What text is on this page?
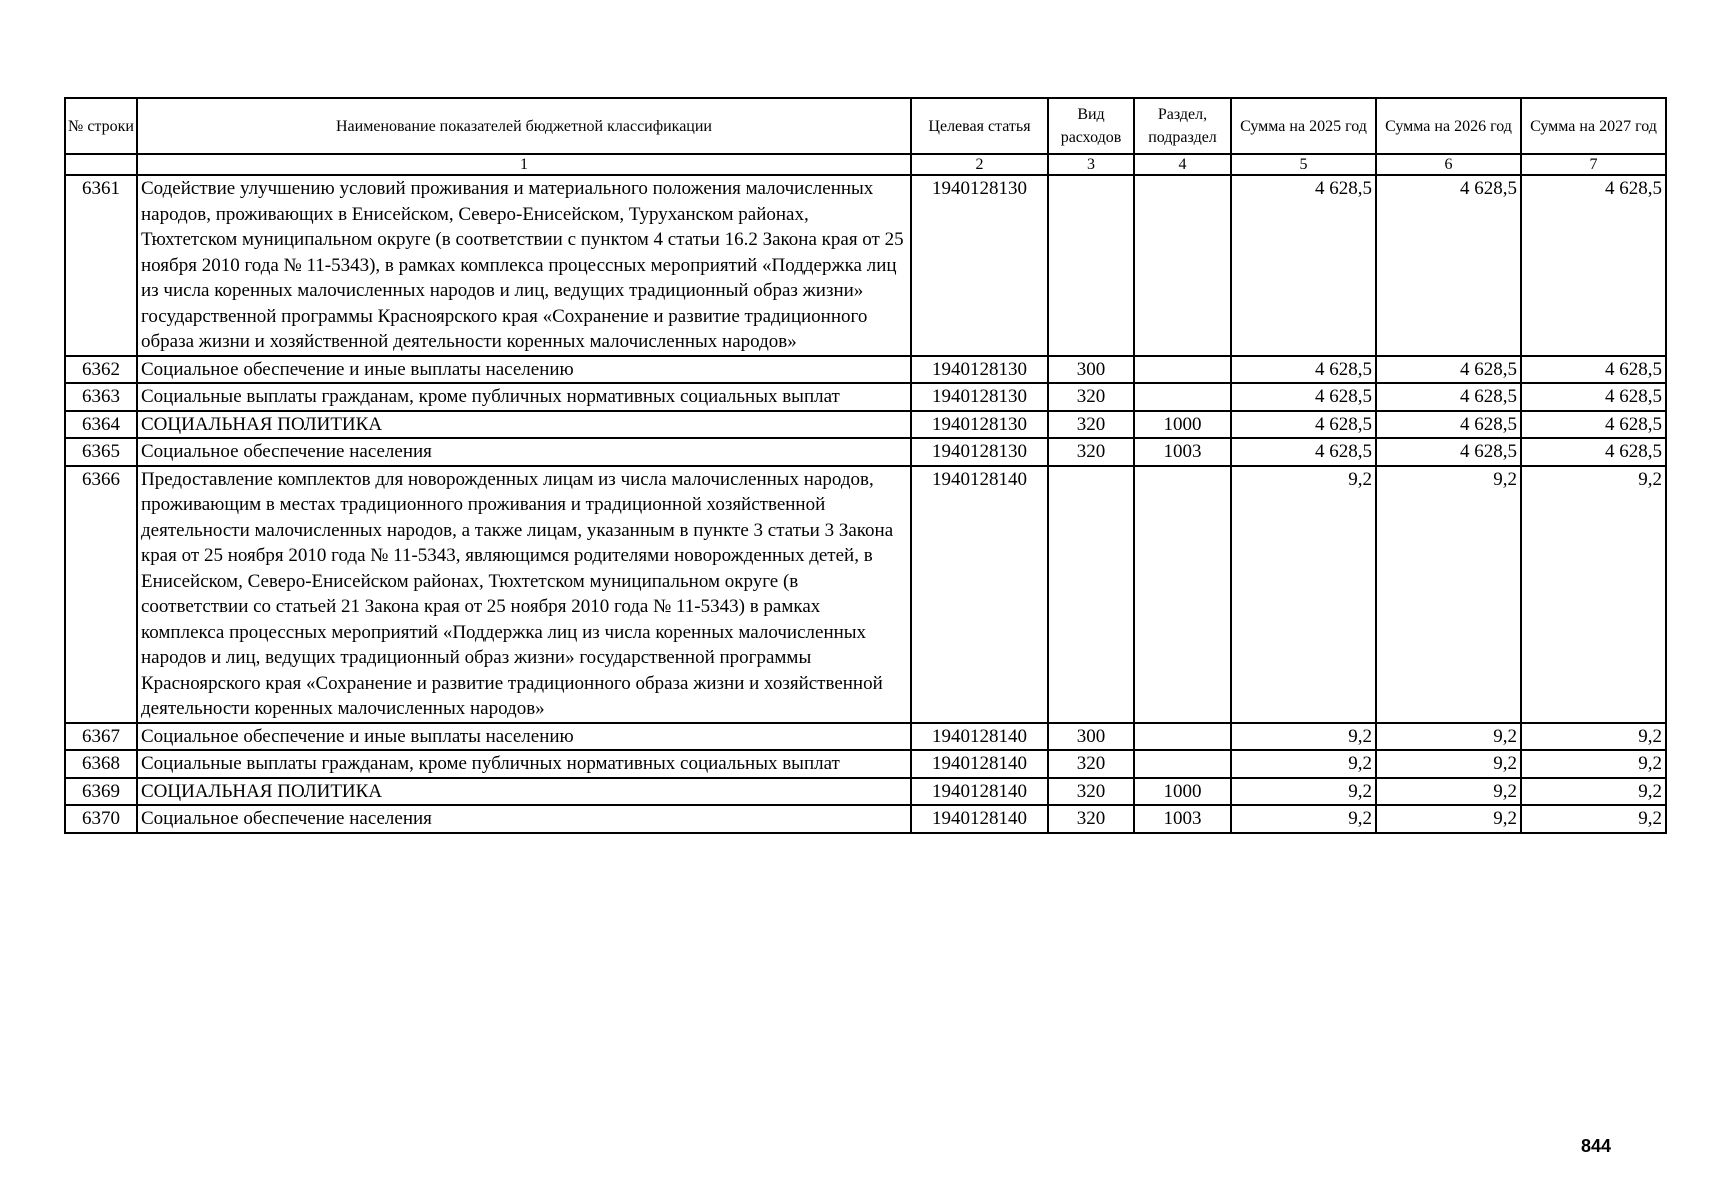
№ строки	Наименование показателей бюджетной классификации	Целевая статья	Вид расходов	Раздел, подраздел	Сумма на 2025 год	Сумма на 2026 год	Сумма на 2027 год
	1	2	3	4	5	6	7
6361	Содействие улучшению условий проживания и материального положения малочисленных народов, проживающих в Енисейском, Северо-Енисейском, Туруханском районах, Тюхтетском муниципальном округе (в соответствии с пунктом 4 статьи 16.2 Закона края от 25 ноября 2010 года № 11-5343), в рамках комплекса процессных мероприятий «Поддержка лиц из числа коренных малочисленных народов и лиц, ведущих традиционный образ жизни» государственной программы Красноярского края «Сохранение и развитие традиционного образа жизни и хозяйственной деятельности коренных малочисленных народов»	1940128130			4 628,5	4 628,5	4 628,5
6362	Социальное обеспечение и иные выплаты населению	1940128130	300		4 628,5	4 628,5	4 628,5
6363	Социальные выплаты гражданам, кроме публичных нормативных социальных выплат	1940128130	320		4 628,5	4 628,5	4 628,5
6364	СОЦИАЛЬНАЯ ПОЛИТИКА	1940128130	320	1000	4 628,5	4 628,5	4 628,5
6365	Социальное обеспечение населения	1940128130	320	1003	4 628,5	4 628,5	4 628,5
6366	Предоставление комплектов для новорожденных лицам из числа малочисленных народов, проживающим в местах традиционного проживания и традиционной хозяйственной деятельности малочисленных народов, а также лицам, указанным в пункте 3 статьи 3 Закона края от 25 ноября 2010 года № 11-5343, являющимся родителями новорожденных детей, в Енисейском, Северо-Енисейском районах, Тюхтетском муниципальном округе (в соответствии со статьей 21 Закона края от 25 ноября 2010 года № 11-5343) в рамках комплекса процессных мероприятий «Поддержка лиц из числа коренных малочисленных народов и лиц, ведущих традиционный образ жизни» государственной программы Красноярского края «Сохранение и развитие традиционного образа жизни и хозяйственной деятельности коренных малочисленных народов»	1940128140			9,2	9,2	9,2
6367	Социальное обеспечение и иные выплаты населению	1940128140	300		9,2	9,2	9,2
6368	Социальные выплаты гражданам, кроме публичных нормативных социальных выплат	1940128140	320		9,2	9,2	9,2
6369	СОЦИАЛЬНАЯ ПОЛИТИКА	1940128140	320	1000	9,2	9,2	9,2
6370	Социальное обеспечение населения	1940128140	320	1003	9,2	9,2	9,2
844
